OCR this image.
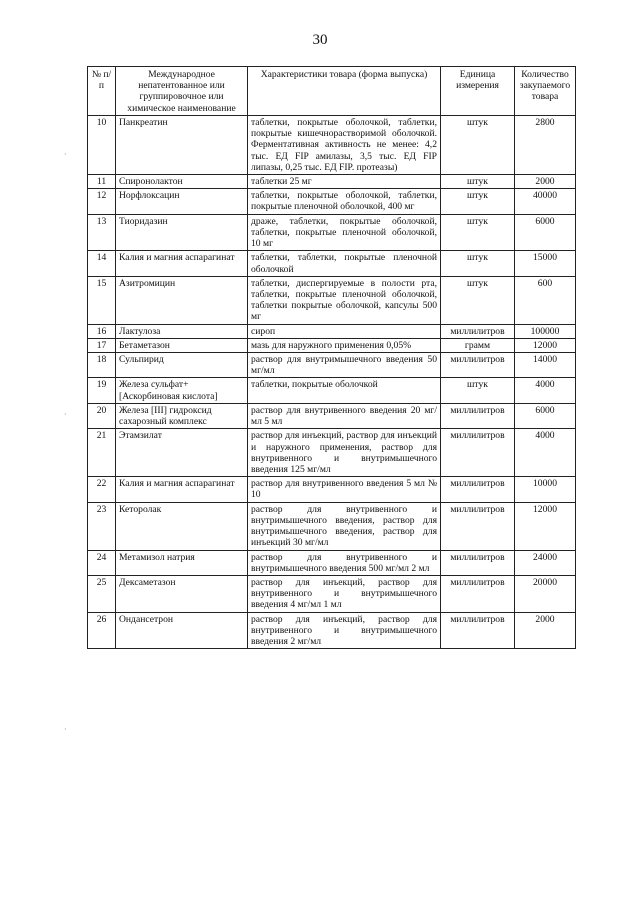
30
·
·
·
№ п/п	Международное непатентованное или группировочное или химическое наименование	Характеристики товара (форма выпуска)	Единица измерения	Количество закупаемого товара
10	Панкреатин	таблетки, покрытые оболочкой, таблетки, покрытые кишечнорастворимой оболочкой. Ферментативная активность не менее: 4,2 тыс. ЕД FIP амилазы, 3,5 тыс. ЕД FIP липазы, 0,25 тыс. ЕД FIP. протеазы)	штук	2800
11	Спиронолактон	таблетки 25 мг	штук	2000
12	Норфлоксацин	таблетки, покрытые оболочкой, таблетки, покрытые пленочной оболочкой, 400 мг	штук	40000
13	Тиоридазин	драже, таблетки, покрытые оболочкой, таблетки, покрытые пленочной оболочкой, 10 мг	штук	6000
14	Калия и магния аспарагинат	таблетки, таблетки, покрытые пленочной оболочкой	штук	15000
15	Азитромицин	таблетки, диспергируемые в полости рта, таблетки, покрытые пленочной оболочкой, таблетки покрытые оболочкой, капсулы 500 мг	штук	600
16	Лактулоза	сироп	миллилитров	100000
17	Бетаметазон	мазь для наружного применения 0,05%	грамм	12000
18	Сульпирид	раствор для внутримышечного введения 50 мг/мл	миллилитров	14000
19	Железа сульфат+[Аскорбиновая кислота]	таблетки, покрытые оболочкой	штук	4000
20	Железа [III] гидроксид сахарозный комплекс	раствор для внутривенного введения 20 мг/мл 5 мл	миллилитров	6000
21	Этамзилат	раствор для инъекций, раствор для инъекций и наружного применения, раствор для внутривенного и внутримышечного введения 125 мг/мл	миллилитров	4000
22	Калия и магния аспарагинат	раствор для внутривенного введения 5 мл № 10	миллилитров	10000
23	Кеторолак	раствор для внутривенного и внутримышечного введения, раствор для внутримышечного введения, раствор для инъекций 30 мг/мл	миллилитров	12000
24	Метамизол натрия	раствор для внутривенного и внутримышечного введения 500 мг/мл 2 мл	миллилитров	24000
25	Дексаметазон	раствор для инъекций, раствор для внутривенного и внутримышечного введения 4 мг/мл 1 мл	миллилитров	20000
26	Ондансетрон	раствор для инъекций, раствор для внутривенного и внутримышечного введения 2 мг/мл	миллилитров	2000
